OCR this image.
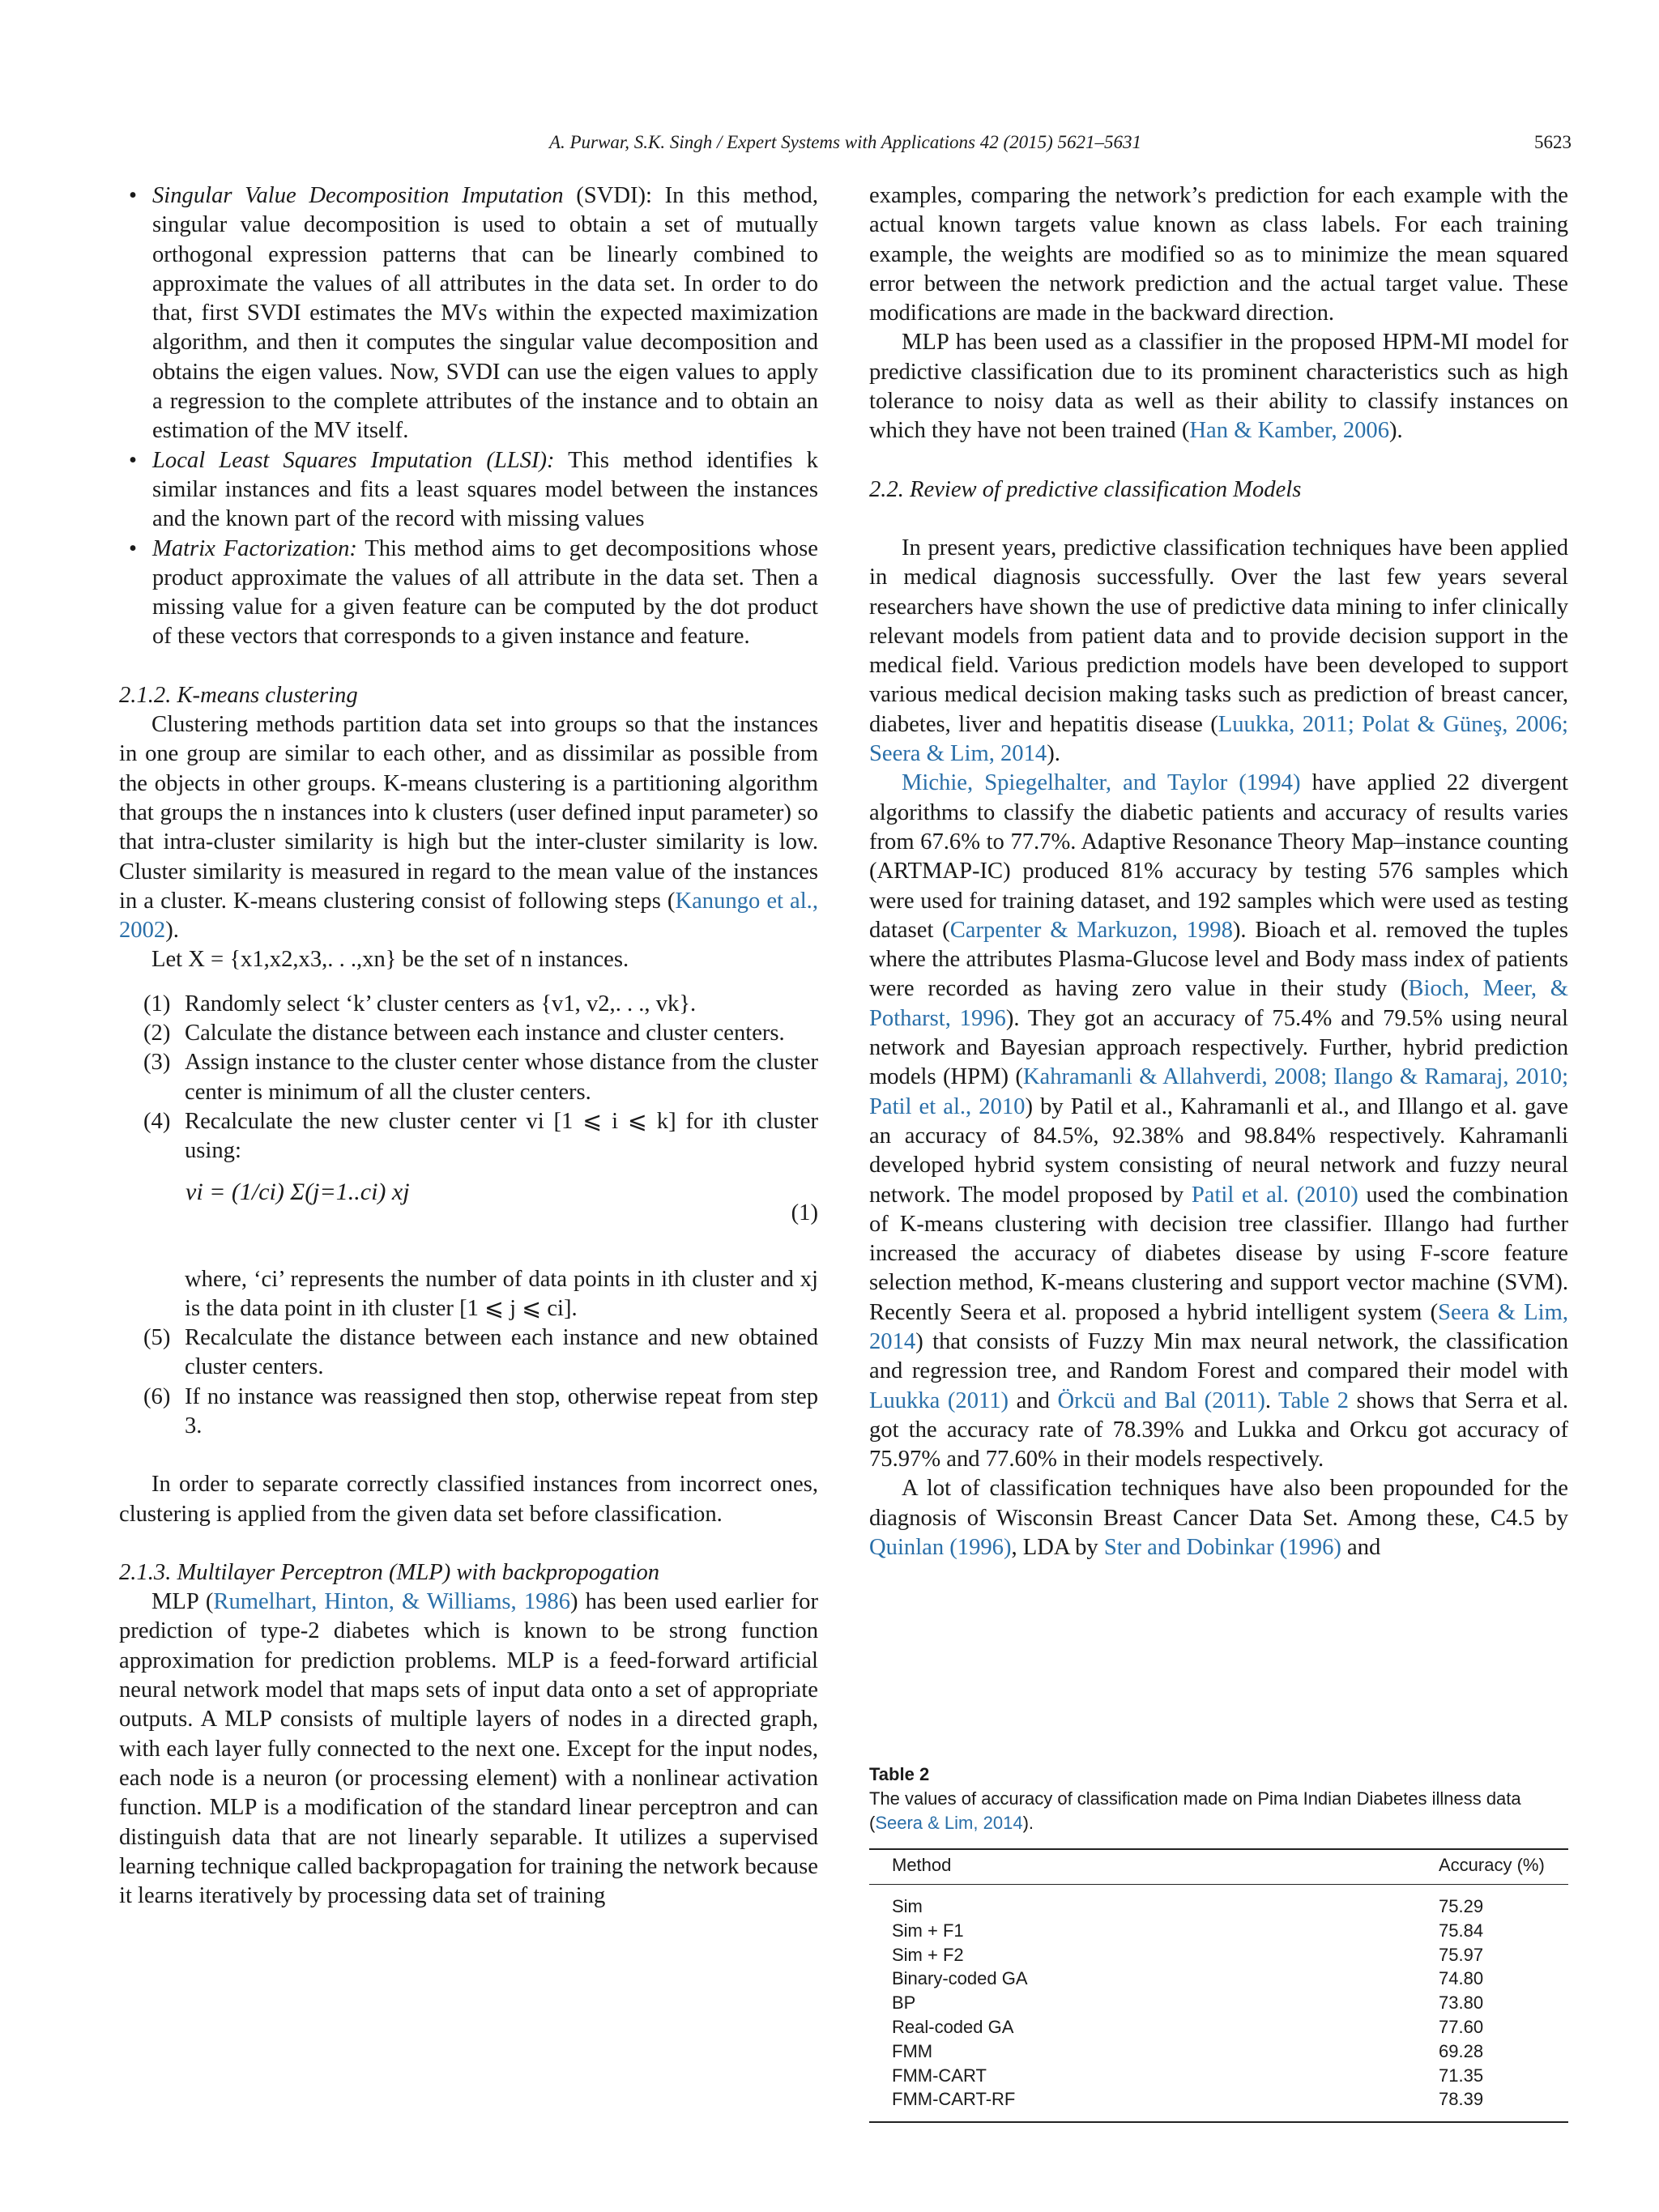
A. Purwar, S.K. Singh / Expert Systems with Applications 42 (2015) 5621–5631	5623
• Singular Value Decomposition Imputation (SVDI): In this method, singular value decomposition is used to obtain a set of mutually orthogonal expression patterns that can be linearly combined to approximate the values of all attributes in the data set. In order to do that, first SVDI estimates the MVs within the expected maximization algorithm, and then it computes the singular value decomposition and obtains the eigen values. Now, SVDI can use the eigen values to apply a regression to the complete attributes of the instance and to obtain an estimation of the MV itself.
• Local Least Squares Imputation (LLSI): This method identifies k similar instances and fits a least squares model between the instances and the known part of the record with missing values
• Matrix Factorization: This method aims to get decompositions whose product approximate the values of all attribute in the data set. Then a missing value for a given feature can be computed by the dot product of these vectors that corresponds to a given instance and feature.

2.1.2. K-means clustering

Clustering methods partition data set into groups so that the instances in one group are similar to each other, and as dissimilar as possible from the objects in other groups. K-means clustering is a partitioning algorithm that groups the n instances into k clusters (user defined input parameter) so that intra-cluster similarity is high but the inter-cluster similarity is low. Cluster similarity is measured in regard to the mean value of the instances in a cluster. K-means clustering consist of following steps (Kanungo et al., 2002).

Let X = {x1,x2,x3,. . .,xn} be the set of n instances.

(1) Randomly select ‘k’ cluster centers as {v1, v2,. . ., vk}.
(2) Calculate the distance between each instance and cluster centers.
(3) Assign instance to the cluster center whose distance from the cluster center is minimum of all the cluster centers.
(4) Recalculate the new cluster center vi [1 ⩽ i ⩽ k] for ith cluster using:
vi = (1/ci) Σ(j=1..ci) xj
(1)
where, ‘ci’ represents the number of data points in ith cluster and xj is the data point in ith cluster [1 ⩽ j ⩽ ci].
(5) Recalculate the distance between each instance and new obtained cluster centers.
(6) If no instance was reassigned then stop, otherwise repeat from step 3.

In order to separate correctly classified instances from incorrect ones, clustering is applied from the given data set before classification.

2.1.3. Multilayer Perceptron (MLP) with backpropogation

MLP (Rumelhart, Hinton, & Williams, 1986) has been used earlier for prediction of type-2 diabetes which is known to be strong function approximation for prediction problems. MLP is a feed-forward artificial neural network model that maps sets of input data onto a set of appropriate outputs. A MLP consists of multiple layers of nodes in a directed graph, with each layer fully connected to the next one. Except for the input nodes, each node is a neuron (or processing element) with a nonlinear activation function. MLP is a modification of the standard linear perceptron and can distinguish data that are not linearly separable. It utilizes a supervised learning technique called backpropagation for training the network because it learns iteratively by processing data set of training

examples, comparing the network’s prediction for each example with the actual known targets value known as class labels. For each training example, the weights are modified so as to minimize the mean squared error between the network prediction and the actual target value. These modifications are made in the backward direction.

MLP has been used as a classifier in the proposed HPM-MI model for predictive classification due to its prominent characteristics such as high tolerance to noisy data as well as their ability to classify instances on which they have not been trained (Han & Kamber, 2006).

2.2. Review of predictive classification Models

In present years, predictive classification techniques have been applied in medical diagnosis successfully. Over the last few years several researchers have shown the use of predictive data mining to infer clinically relevant models from patient data and to provide decision support in the medical field. Various prediction models have been developed to support various medical decision making tasks such as prediction of breast cancer, diabetes, liver and hepatitis disease (Luukka, 2011; Polat & Güneş, 2006; Seera & Lim, 2014).

Michie, Spiegelhalter, and Taylor (1994) have applied 22 divergent algorithms to classify the diabetic patients and accuracy of results varies from 67.6% to 77.7%. Adaptive Resonance Theory Map–instance counting (ARTMAP-IC) produced 81% accuracy by testing 576 samples which were used for training dataset, and 192 samples which were used as testing dataset (Carpenter & Markuzon, 1998). Bioach et al. removed the tuples where the attributes Plasma-Glucose level and Body mass index of patients were recorded as having zero value in their study (Bioch, Meer, & Potharst, 1996). They got an accuracy of 75.4% and 79.5% using neural network and Bayesian approach respectively. Further, hybrid prediction models (HPM) (Kahramanli & Allahverdi, 2008; Ilango & Ramaraj, 2010; Patil et al., 2010) by Patil et al., Kahramanli et al., and Illango et al. gave an accuracy of 84.5%, 92.38% and 98.84% respectively. Kahramanli developed hybrid system consisting of neural network and fuzzy neural network. The model proposed by Patil et al. (2010) used the combination of K-means clustering with decision tree classifier. Illango had further increased the accuracy of diabetes disease by using F-score feature selection method, K-means clustering and support vector machine (SVM). Recently Seera et al. proposed a hybrid intelligent system (Seera & Lim, 2014) that consists of Fuzzy Min max neural network, the classification and regression tree, and Random Forest and compared their model with Luukka (2011) and Örkcü and Bal (2011). Table 2 shows that Serra et al. got the accuracy rate of 78.39% and Lukka and Orkcu got accuracy of 75.97% and 77.60% in their models respectively.

A lot of classification techniques have also been propounded for the diagnosis of Wisconsin Breast Cancer Data Set. Among these, C4.5 by Quinlan (1996), LDA by Ster and Dobinkar (1996) and

Table 2
The values of accuracy of classification made on Pima Indian Diabetes illness data (Seera & Lim, 2014).
Method	Accuracy (%)
Sim	75.29
Sim + F1	75.84
Sim + F2	75.97
Binary-coded GA	74.80
BP	73.80
Real-coded GA	77.60
FMM	69.28
FMM-CART	71.35
FMM-CART-RF	78.39
